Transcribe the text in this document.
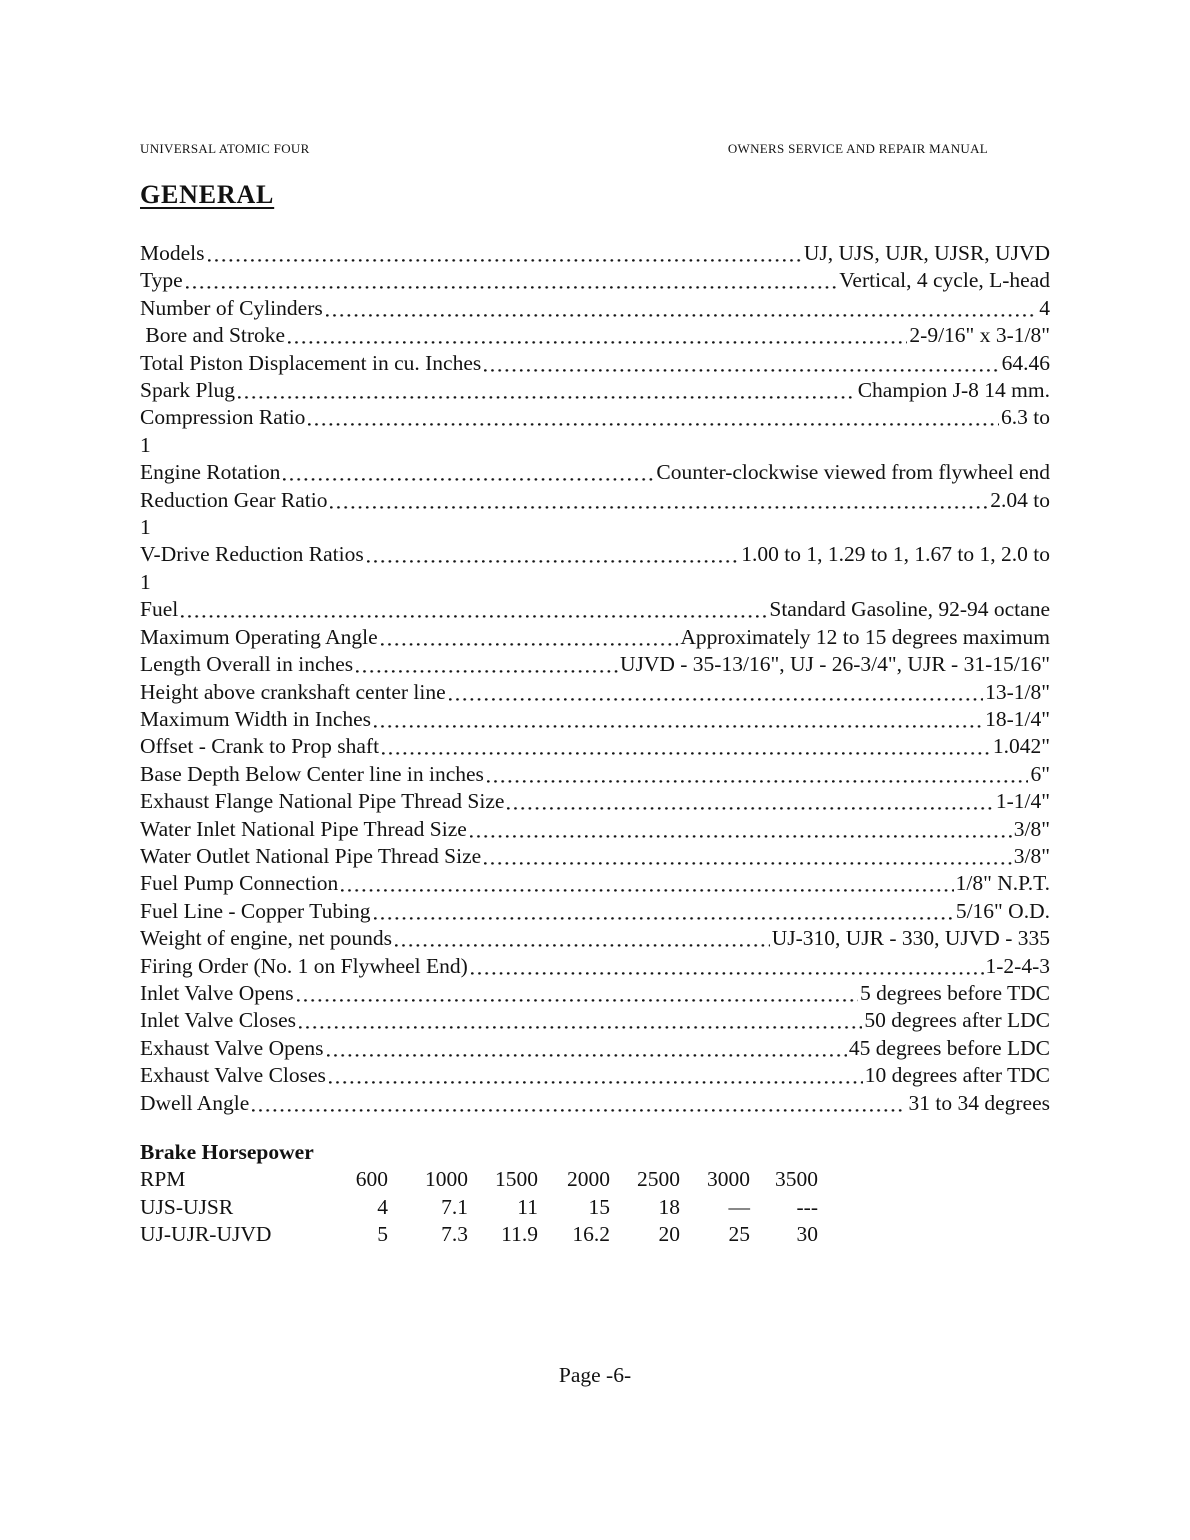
UNIVERSAL ATOMIC FOUR	OWNERS SERVICE AND REPAIR MANUAL
GENERAL
Models	UJ, UJS, UJR, UJSR, UJVD
Type	Vertical, 4 cycle, L-head
Number of Cylinders	4
Bore and Stroke	2-9/16" x 3-1/8"
Total Piston Displacement in cu. Inches	64.46
Spark Plug	Champion J-8 14 mm.
Compression Ratio	6.3 to
1
Engine Rotation	Counter-clockwise viewed from flywheel end
Reduction Gear Ratio	2.04 to
1
V-Drive Reduction Ratios	1.00 to 1, 1.29 to 1, 1.67 to 1, 2.0 to
1
Fuel	Standard Gasoline, 92-94 octane
Maximum Operating Angle	Approximately 12 to 15 degrees maximum
Length Overall in inches	UJVD - 35-13/16", UJ - 26-3/4", UJR - 31-15/16"
Height above crankshaft center line	13-1/8"
Maximum Width in Inches	18-1/4"
Offset - Crank to Prop shaft	1.042"
Base Depth Below Center line in inches	6"
Exhaust Flange National Pipe Thread Size	1-1/4"
Water Inlet National Pipe Thread Size	3/8"
Water Outlet National Pipe Thread Size	3/8"
Fuel Pump Connection	1/8" N.P.T.
Fuel Line - Copper Tubing	5/16" O.D.
Weight of engine, net pounds	UJ-310, UJR - 330, UJVD - 335
Firing Order (No. 1 on Flywheel End)	1-2-4-3
Inlet Valve Opens	5 degrees before TDC
Inlet Valve Closes	50 degrees after LDC
Exhaust Valve Opens	45 degrees before LDC
Exhaust Valve Closes	10 degrees after TDC
Dwell Angle	31 to 34 degrees
Brake Horsepower
RPM	600	1000	1500	2000	2500	3000	3500
UJS-UJSR	4	7.1	11	15	18	—	---
UJ-UJR-UJVD	5	7.3	11.9	16.2	20	25	30
Page -6-
